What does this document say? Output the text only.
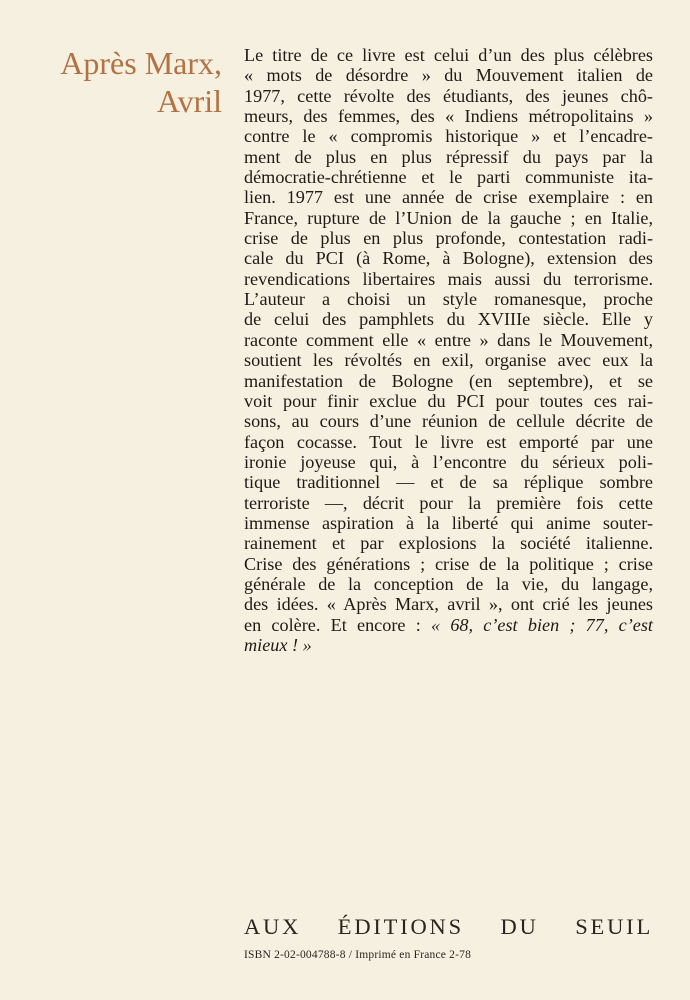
Après Marx,
Avril
Le titre de ce livre est celui d’un des plus célèbres
« mots de désordre » du Mouvement italien de
1977, cette révolte des étudiants, des jeunes chô-
meurs, des femmes, des « Indiens métropolitains »
contre le « compromis historique » et l’encadre-
ment de plus en plus répressif du pays par la
démocratie-chrétienne et le parti communiste ita-
lien. 1977 est une année de crise exemplaire : en
France, rupture de l’Union de la gauche ; en Italie,
crise de plus en plus profonde, contestation radi-
cale du PCI (à Rome, à Bologne), extension des
revendications libertaires mais aussi du terrorisme.
L’auteur a choisi un style romanesque, proche
de celui des pamphlets du XVIIIe siècle. Elle y
raconte comment elle « entre » dans le Mouvement,
soutient les révoltés en exil, organise avec eux la
manifestation de Bologne (en septembre), et se
voit pour finir exclue du PCI pour toutes ces rai-
sons, au cours d’une réunion de cellule décrite de
façon cocasse. Tout le livre est emporté par une
ironie joyeuse qui, à l’encontre du sérieux poli-
tique traditionnel — et de sa réplique sombre
terroriste —, décrit pour la première fois cette
immense aspiration à la liberté qui anime souter-
rainement et par explosions la société italienne.
Crise des générations ; crise de la politique ; crise
générale de la conception de la vie, du langage,
des idées. « Après Marx, avril », ont crié les jeunes
en colère. Et encore : « 68, c’est bien ; 77, c’est
mieux ! »
AUX ÉDITIONS DU SEUIL
ISBN 2-02-004788-8 / Imprimé en France 2-78
